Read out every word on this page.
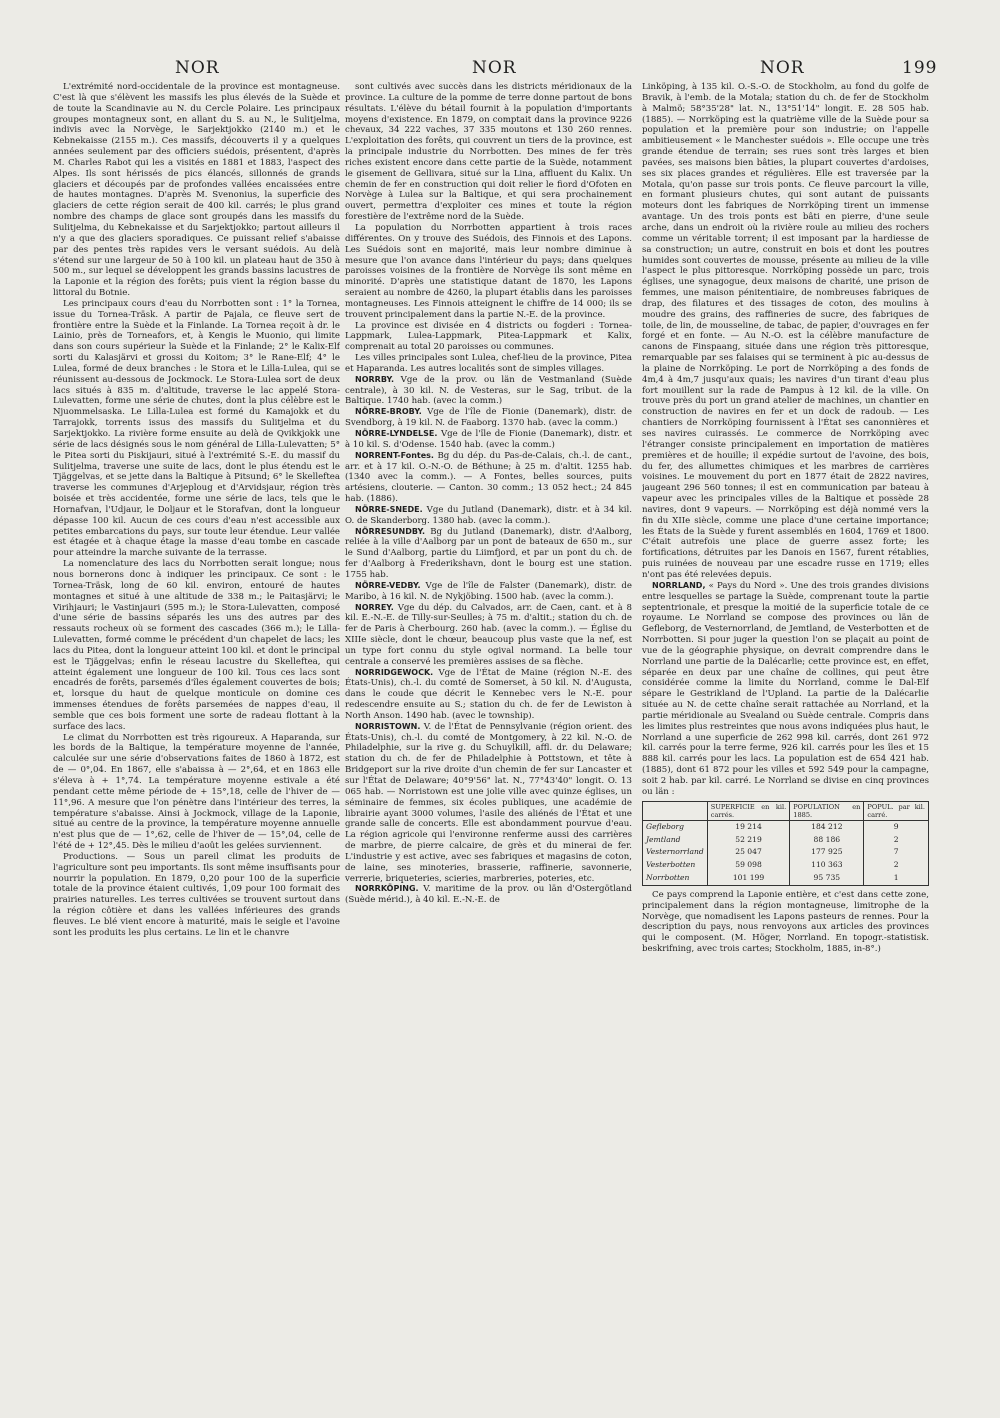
NOR	NOR	NOR	199

L'extrémité nord-occidentale de la province est montagneuse. C'est là que s'élèvent les massifs les plus élevés de la Suède et de toute la Scandinavie au N. du Cercle Polaire. Les principaux groupes montagneux sont, en allant du S. au N., le Sulitjelma, indivis avec la Norvège, le Sarjektjokko (2140 m.) et le Kebnekaisse (2155 m.). Ces massifs, découverts il y a quelques années seulement par des officiers suédois, présentent, d'après M. Charles Rabot qui les a visités en 1881 et 1883, l'aspect des Alpes. Ils sont hérissés de pics élancés, sillonnés de grands glaciers et découpés par de profondes vallées encaissées entre de hautes montagnes. D'après M. Svenonius, la superficie des glaciers de cette région serait de 400 kil. carrés; le plus grand nombre des champs de glace sont groupés dans les massifs du Sulitjelma, du Kebnekaisse et du Sarjektjokko; partout ailleurs il n'y a que des glaciers sporadiques. Ce puissant relief s'abaisse par des pentes très rapides vers le versant suédois. Au delà s'étend sur une largeur de 50 à 100 kil. un plateau haut de 350 à 500 m., sur lequel se développent les grands bassins lacustres de la Laponie et la région des forêts; puis vient la région basse du littoral du Botnie.

Les principaux cours d'eau du Norrbotten sont : 1° la Tornea, issue du Tornea-Träsk. A partir de Pajala, ce fleuve sert de frontière entre la Suède et la Finlande. La Tornea reçoit à dr. le Lainio, près de Torneafors, et, à Kengis le Muonio, qui limite dans son cours supérieur la Suède et la Finlande; 2° le Kalix-Elf sorti du Kalasjärvi et grossi du Koitom; 3° le Rane-Elf; 4° le Lulea, formé de deux branches : le Stora et le Lilla-Lulea, qui se réunissent au-dessous de Jockmock. Le Stora-Lulea sort de deux lacs situés à 835 m. d'altitude, traverse le lac appelé Stora-Lulevatten, forme une série de chutes, dont la plus célèbre est le Njuommelsaska. Le Lilla-Lulea est formé du Kamajokk et du Tarrajokk, torrents issus des massifs du Sulitjelma et du Sarjektjokko. La rivière forme ensuite au delà de Qvikkjokk une série de lacs désignés sous le nom général de Lilla-Lulevatten; 5° le Pitea sorti du Piskijauri, situé à l'extrémité S.-E. du massif du Sulitjelma, traverse une suite de lacs, dont le plus étendu est le Tjäggelvas, et se jette dans la Baltique à Pitsund; 6° le Skelleftea traverse les communes d'Arjeploug et d'Arvidsjaur, région très boisée et très accidentée, forme une série de lacs, tels que le Hornafvan, l'Udjaur, le Doljaur et le Storafvan, dont la longueur dépasse 100 kil. Aucun de ces cours d'eau n'est accessible aux petites embarcations du pays, sur toute leur étendue. Leur vallée est étagée et à chaque étage la masse d'eau tombe en cascade pour atteindre la marche suivante de la terrasse.

La nomenclature des lacs du Norrbotten serait longue; nous nous bornerons donc à indiquer les principaux. Ce sont : le Tornea-Träsk, long de 60 kil. environ, entouré de hautes montagnes et situé à une altitude de 338 m.; le Paitasjärvi; le Virihjauri; le Vastinjauri (595 m.); le Stora-Lulevatten, composé d'une série de bassins séparés les uns des autres par des ressauts rocheux où se forment des cascades (366 m.); le Lilla-Lulevatten, formé comme le précédent d'un chapelet de lacs; les lacs du Pitea, dont la longueur atteint 100 kil. et dont le principal est le Tjäggelvas; enfin le réseau lacustre du Skelleftea, qui atteint également une longueur de 100 kil. Tous ces lacs sont encadrés de forêts, parsemés d'îles également couvertes de bois; et, lorsque du haut de quelque monticule on domine ces immenses étendues de forêts parsemées de nappes d'eau, il semble que ces bois forment une sorte de radeau flottant à la surface des lacs.

Le climat du Norrbotten est très rigoureux. A Haparanda, sur les bords de la Baltique, la température moyenne de l'année, calculée sur une série d'observations faites de 1860 à 1872, est de — 0°,04. En 1867, elle s'abaissa à — 2°,64, et en 1863 elle s'éleva à + 1°,74. La température moyenne estivale a été pendant cette même période de + 15°,18, celle de l'hiver de — 11°,96. A mesure que l'on pénètre dans l'intérieur des terres, la température s'abaisse. Ainsi à Jockmock, village de la Laponie, situé au centre de la province, la température moyenne annuelle n'est plus que de — 1°,62, celle de l'hiver de — 15°,04, celle de l'été de + 12°,45. Dès le milieu d'août les gelées surviennent.

Productions. — Sous un pareil climat les produits de l'agriculture sont peu importants. Ils sont même insuffisants pour nourrir la population. En 1879, 0,20 pour 100 de la superficie totale de la province étaient cultivés, 1,09 pour 100 formait des prairies naturelles. Les terres cultivées se trouvent surtout dans la région côtière et dans les vallées inférieures des grands fleuves. Le blé vient encore à maturité, mais le seigle et l'avoine sont les produits les plus certains. Le lin et le chanvre

sont cultivés avec succès dans les districts méridionaux de la province. La culture de la pomme de terre donne partout de bons résultats. L'élève du bétail fournit à la population d'importants moyens d'existence. En 1879, on comptait dans la province 9226 chevaux, 34 222 vaches, 37 335 moutons et 130 260 rennes. L'exploitation des forêts, qui couvrent un tiers de la province, est la principale industrie du Norrbotten. Des mines de fer très riches existent encore dans cette partie de la Suède, notamment le gisement de Gellivara, situé sur la Lina, affluent du Kalix. Un chemin de fer en construction qui doit relier le fiord d'Ofoten en Norvège à Lulea sur la Baltique, et qui sera prochainement ouvert, permettra d'exploiter ces mines et toute la région forestière de l'extrême nord de la Suède.

La population du Norrbotten appartient à trois races différentes. On y trouve des Suédois, des Finnois et des Lapons. Les Suédois sont en majorité, mais leur nombre diminue à mesure que l'on avance dans l'intérieur du pays; dans quelques paroisses voisines de la frontière de Norvège ils sont même en minorité. D'après une statistique datant de 1870, les Lapons seraient au nombre de 4260, la plupart établis dans les paroisses montagneuses. Les Finnois atteignent le chiffre de 14 000; ils se trouvent principalement dans la partie N.-E. de la province.

La province est divisée en 4 districts ou fogderi : Tornea-Lappmark, Lulea-Lappmark, Pitea-Lappmark et Kalix, comprenait au total 20 paroisses ou communes.

Les villes principales sont Lulea, chef-lieu de la province, Pitea et Haparanda. Les autres localités sont de simples villages.

NORRBY. Vge de la prov. ou län de Vestmanland (Suède centrale), à 30 kil. N. de Vesteras, sur le Sag, tribut. de la Baltique. 1740 hab. (avec la comm.)

NÖRRE-BROBY. Vge de l'île de Fionie (Danemark), distr. de Svendborg, à 19 kil. N. de Faaborg. 1370 hab. (avec la comm.)

NÖRRE-LYNDELSE. Vge de l'île de Fionie (Danemark), distr. et à 10 kil. S. d'Odense. 1540 hab. (avec la comm.)

NORRENT-Fontes. Bg du dép. du Pas-de-Calais, ch.-l. de cant., arr. et à 17 kil. O.-N.-O. de Béthune; à 25 m. d'altit. 1255 hab. (1340 avec la comm.). — A Fontes, belles sources, puits artésiens, clouterie. — Canton. 30 comm.; 13 052 hect.; 24 845 hab. (1886).

NÖRRE-SNEDE. Vge du Jutland (Danemark), distr. et à 34 kil. O. de Skanderborg. 1380 hab. (avec la comm.).

NÖRRESUNDBY. Bg du Jutland (Danemark), distr. d'Aalborg, reliée à la ville d'Aalborg par un pont de bateaux de 650 m., sur le Sund d'Aalborg, partie du Liimfjord, et par un pont du ch. de fer d'Aalborg à Frederikshavn, dont le bourg est une station. 1755 hab.

NÖRRE-VEDBY. Vge de l'île de Falster (Danemark), distr. de Maribo, à 16 kil. N. de Nykjöbing. 1500 hab. (avec la comm.).

NORREY. Vge du dép. du Calvados, arr. de Caen, cant. et à 8 kil. E.-N.-E. de Tilly-sur-Seulles; à 75 m. d'altit.; station du ch. de fer de Paris à Cherbourg. 260 hab. (avec la comm.). — Église du XIIIe siècle, dont le chœur, beaucoup plus vaste que la nef, est un type fort connu du style ogival normand. La belle tour centrale a conservé les premières assises de sa flèche.

NORRIDGEWOCK. Vge de l'État de Maine (région N.-E. des États-Unis), ch.-l. du comté de Somerset, à 50 kil. N. d'Augusta, dans le coude que décrit le Kennebec vers le N.-E. pour redescendre ensuite au S.; station du ch. de fer de Lewiston à North Anson. 1490 hab. (avec le township).

NORRISTOWN. V. de l'État de Pennsylvanie (région orient. des États-Unis), ch.-l. du comté de Montgomery, à 22 kil. N.-O. de Philadelphie, sur la rive g. du Schuylkill, affl. dr. du Delaware; station du ch. de fer de Philadelphie à Pottstown, et tête à Bridgeport sur la rive droite d'un chemin de fer sur Lancaster et sur l'État de Delaware; 40°9'56" lat. N., 77°43'40" longit. O. 13 065 hab. — Norristown est une jolie ville avec quinze églises, un séminaire de femmes, six écoles publiques, une académie de librairie ayant 3000 volumes, l'asile des aliénés de l'État et une grande salle de concerts. Elle est abondamment pourvue d'eau. La région agricole qui l'environne renferme aussi des carrières de marbre, de pierre calcaire, de grès et du minerai de fer. L'industrie y est active, avec ses fabriques et magasins de coton, de laine, ses minoteries, brasserie, raffinerie, savonnerie, verrerie, briqueteries, scieries, marbreries, poteries, etc.

NORRKÖPING. V. maritime de la prov. ou län d'Ostergötland (Suède mérid.), à 40 kil. E.-N.-E. de

Linköping, à 135 kil. O.-S.-O. de Stockholm, au fond du golfe de Bravik, à l'emb. de la Motala; station du ch. de fer de Stockholm à Malmö; 58°35'28" lat. N., 13°51'14" longit. E. 28 505 hab. (1885). — Norrköping est la quatrième ville de la Suède pour sa population et la première pour son industrie; on l'appelle ambitieusement « le Manchester suédois ». Elle occupe une très grande étendue de terrain; ses rues sont très larges et bien pavées, ses maisons bien bâties, la plupart couvertes d'ardoises, ses six places grandes et régulières. Elle est traversée par la Motala, qu'on passe sur trois ponts. Ce fleuve parcourt la ville, en formant plusieurs chutes, qui sont autant de puissants moteurs dont les fabriques de Norrköping tirent un immense avantage. Un des trois ponts est bâti en pierre, d'une seule arche, dans un endroit où la rivière roule au milieu des rochers comme un véritable torrent; il est imposant par la hardiesse de sa construction; un autre, construit en bois et dont les poutres humides sont couvertes de mousse, présente au milieu de la ville l'aspect le plus pittoresque. Norrköping possède un parc, trois églises, une synagogue, deux maisons de charité, une prison de femmes, une maison pénitentiaire, de nombreuses fabriques de drap, des filatures et des tissages de coton, des moulins à moudre des grains, des raffineries de sucre, des fabriques de toile, de lin, de mousseline, de tabac, de papier, d'ouvrages en fer forgé et en fonte. — Au N.-O. est la célèbre manufacture de canons de Finspaang, située dans une région très pittoresque, remarquable par ses falaises qui se terminent à pic au-dessus de la plaine de Norrköping. Le port de Norrköping a des fonds de 4m,4 à 4m,7 jusqu'aux quais; les navires d'un tirant d'eau plus fort mouillent sur la rade de Pampus à 12 kil. de la ville. On trouve près du port un grand atelier de machines, un chantier en construction de navires en fer et un dock de radoub. — Les chantiers de Norrköping fournissent à l'État ses canonnières et ses navires cuirassés. Le commerce de Norrköping avec l'étranger consiste principalement en importation de matières premières et de houille; il expédie surtout de l'avoine, des bois, du fer, des allumettes chimiques et les marbres de carrières voisines. Le mouvement du port en 1877 était de 2822 navires, jaugeant 296 560 tonnes; il est en communication par bateau à vapeur avec les principales villes de la Baltique et possède 28 navires, dont 9 vapeurs. — Norrköping est déjà nommé vers la fin du XIIe siècle, comme une place d'une certaine importance; les États de la Suède y furent assemblés en 1604, 1769 et 1800. C'était autrefois une place de guerre assez forte; les fortifications, détruites par les Danois en 1567, furent rétablies, puis ruinées de nouveau par une escadre russe en 1719; elles n'ont pas été relevées depuis.

NORRLAND, « Pays du Nord ». Une des trois grandes divisions entre lesquelles se partage la Suède, comprenant toute la partie septentrionale, et presque la moitié de la superficie totale de ce royaume. Le Norrland se compose des provinces ou län de Gefleborg, de Vesternorrland, de Jemtland, de Vesterbotten et de Norrbotten. Si pour juger la question l'on se plaçait au point de vue de la géographie physique, on devrait comprendre dans le Norrland une partie de la Dalécarlie; cette province est, en effet, séparée en deux par une chaîne de collines, qui peut être considérée comme la limite du Norrland, comme le Dal-Elf sépare le Gestrikland de l'Upland. La partie de la Dalécarlie située au N. de cette chaîne serait rattachée au Norrland, et la partie méridionale au Svealand ou Suède centrale. Compris dans les limites plus restreintes que nous avons indiquées plus haut, le Norrland a une superficie de 262 998 kil. carrés, dont 261 972 kil. carrés pour la terre ferme, 926 kil. carrés pour les îles et 15 888 kil. carrés pour les lacs. La population est de 654 421 hab. (1885), dont 61 872 pour les villes et 592 549 pour la campagne, soit 2 hab. par kil. carré. Le Norrland se divise en cinq provinces ou län :

	SUPERFICIE en kil. carrés.	POPULATION en 1885.	POPUL. par kil. carré.
Gefleborg	19 214	184 212	9
Jemtland	52 219	88 186	2
Vesternorrland	25 047	177 925	7
Vesterbotten	59 098	110 363	2
Norrbotten	101 199	95 735	1

Ce pays comprend la Laponie entière, et c'est dans cette zone, principalement dans la région montagneuse, limitrophe de la Norvège, que nomadisent les Lapons pasteurs de rennes. Pour la description du pays, nous renvoyons aux articles des provinces qui le composent. (M. Höger, Norrland. En topogr.-statistisk. beskrifning, avec trois cartes; Stockholm, 1885, in-8°.)
